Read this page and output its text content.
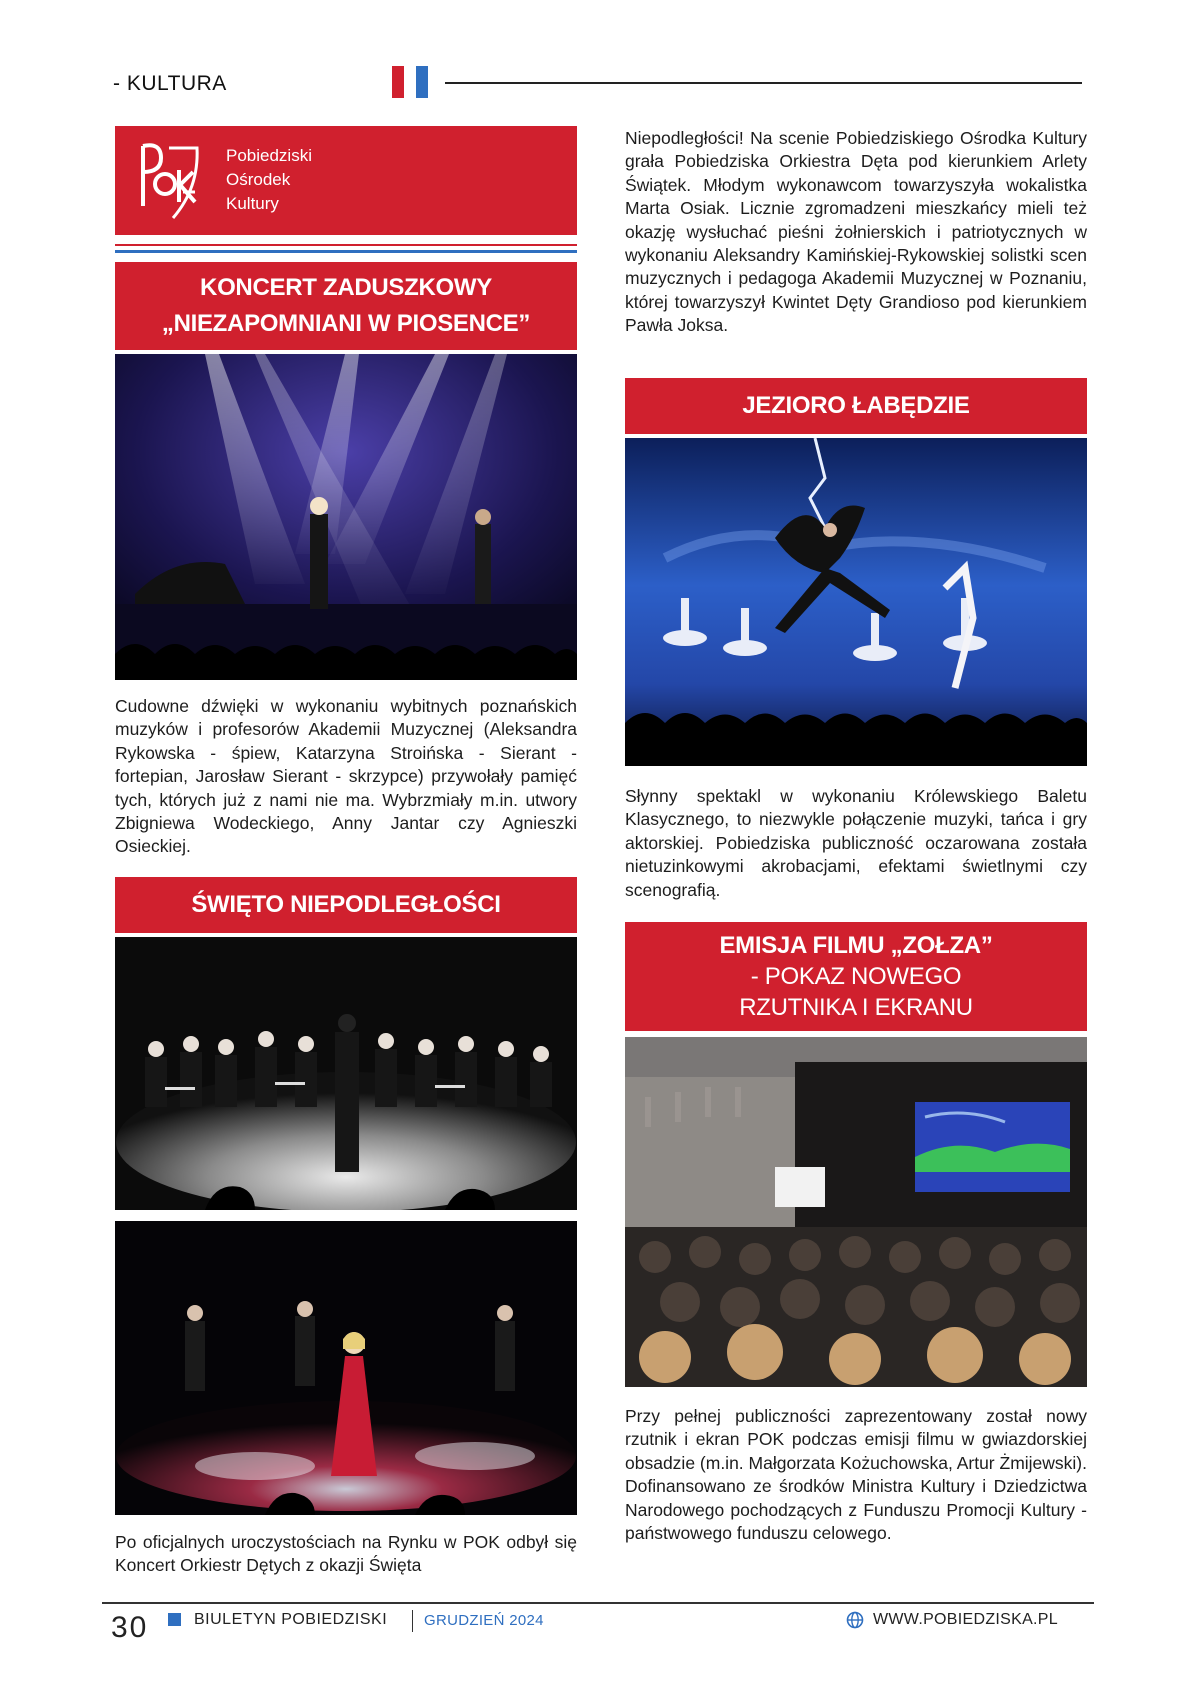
- KULTURA
Pobiedziski
Ośrodek
Kultury
KONCERT ZADUSZKOWY
„NIEZAPOMNIANI W PIOSENCE”
Cudowne dźwięki w wykonaniu wybitnych poznańskich muzyków i profesorów Akademii Muzycznej (Aleksandra Rykowska - śpiew, Katarzyna Stroińska - Sierant - fortepian, Jarosław Sierant - skrzypce) przywołały pamięć tych, których już z nami nie ma. Wybrzmiały m.in. utwory Zbigniewa Wodeckiego, Anny Jantar czy Agnieszki Osieckiej.
ŚWIĘTO NIEPODLEGŁOŚCI
Po oficjalnych uroczystościach na Rynku w POK odbył się Koncert Orkiestr Dętych z okazji Święta
Niepodległości! Na scenie Pobiedziskiego Ośrodka Kultury grała Pobiedziska Orkiestra Dęta pod kierunkiem Arlety Świątek. Młodym wykonawcom towarzyszyła wokalistka Marta Osiak. Licznie zgromadzeni mieszkańcy mieli też okazję wysłuchać pieśni żołnierskich i patriotycznych w wykonaniu Aleksandry Kamińskiej-Rykowskiej solistki scen muzycznych i pedagoga Akademii Muzycznej w Poznaniu, której towarzyszył Kwintet Dęty Grandioso pod kierunkiem Pawła Joksa.
JEZIORO ŁABĘDZIE
Słynny spektakl w wykonaniu Królewskiego Baletu Klasycznego, to niezwykle połączenie muzyki, tańca i gry aktorskiej. Pobiedziska publiczność oczarowana została nietuzinkowymi akrobacjami, efektami świetlnymi czy scenografią.
EMISJA FILMU „ZOŁZA”
- POKAZ NOWEGO
RZUTNIKA I EKRANU
Przy pełnej publiczności zaprezentowany został nowy rzutnik i ekran POK podczas emisji filmu w gwiazdorskiej obsadzie (m.in. Małgorzata Kożuchowska, Artur Żmijewski). Dofinansowano ze środków Ministra Kultury i Dziedzictwa Narodowego pochodzących z Funduszu Promocji Kultury - państwowego funduszu celowego.
30	BIULETYN POBIEDZISKI GRUDZIEŃ 2024	WWW.POBIEDZISKA.PL
